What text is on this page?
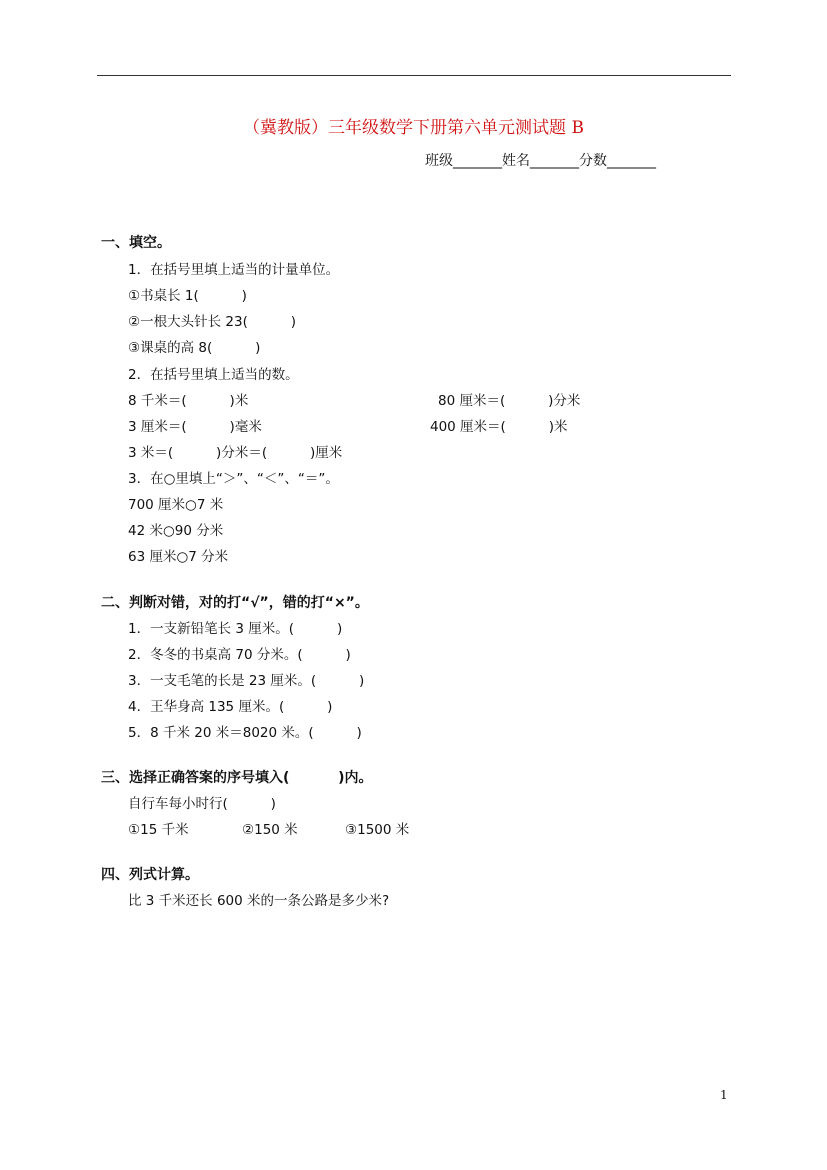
（冀教版）三年级数学下册第六单元测试题 B
班级_______姓名_______分数_______
一、填空。
1．在括号里填上适当的计量单位。
①书桌长 1(          )
②一根大头针长 23(          )
③课桌的高 8(          )
2．在括号里填上适当的数。
8 千米＝(          )米	80 厘米＝(          )分米
3 厘米＝(          )毫米	400 厘米＝(          )米
3 米＝(          )分米＝(          )厘米
3．在○里填上“＞”、“＜”、“＝”。
700 厘米○7 米
42 米○90 分米
63 厘米○7 分米
二、判断对错，对的打“√”，错的打“×”。
1．一支新铅笔长 3 厘米。(          )
2．冬冬的书桌高 70 分米。(          )
3．一支毛笔的长是 23 厘米。(          )
4．王华身高 135 厘米。(          )
5．8 千米 20 米＝8020 米。(          )
三、选择正确答案的序号填入(          )内。
自行车每小时行(          )
①15 千米	②150 米	③1500 米
四、列式计算。
比 3 千米还长 600 米的一条公路是多少米?
1
